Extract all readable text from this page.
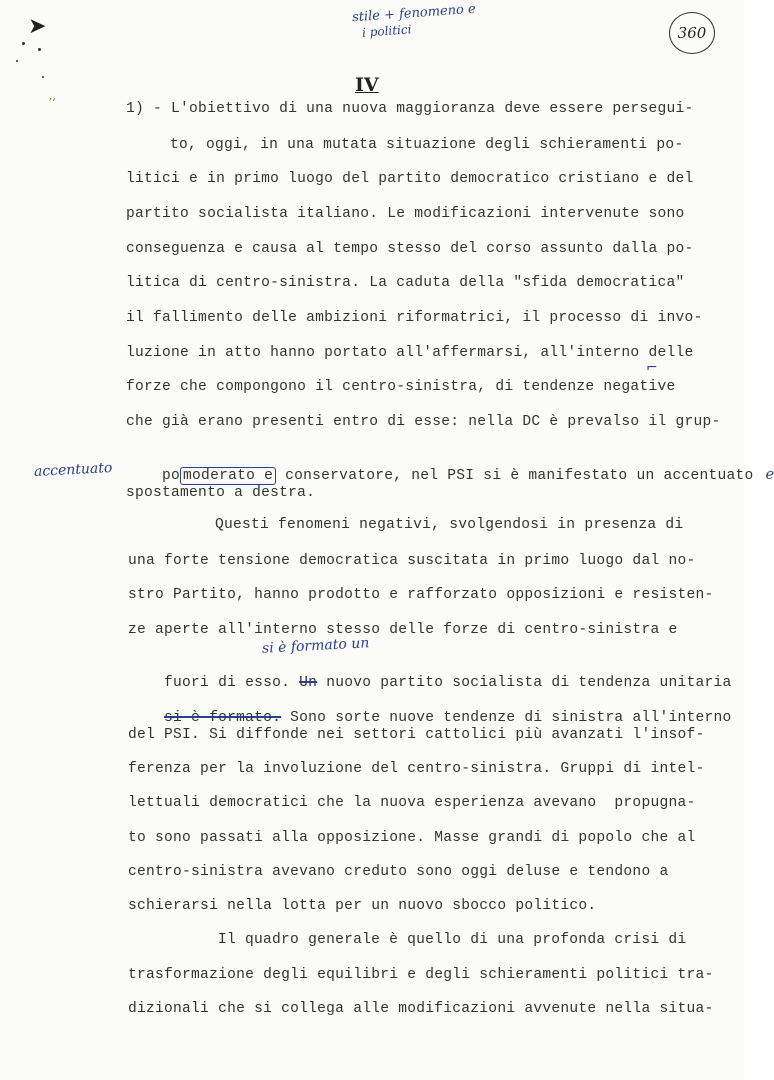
➤
ʼʻ
stile + fenomeno e
i politici	360
IV
accentuato
1) - L'obiettivo di una nuova maggioranza deve essere persegui-
to, oggi, in una mutata situazione degli schieramenti po-
litici e in primo luogo del partito democratico cristiano e del
partito socialista italiano. Le modificazioni intervenute sono
conseguenza e causa al tempo stesso del corso assunto dalla po-
litica di centro-sinistra. La caduta della "sfida democratica"
il fallimento delle ambizioni riformatrici, il processo di invo-
luzione in atto hanno portato all'affermarsi, all'interno delle
forze che compongono il centro-sinistra, di tendenze negative
⌐
che già erano presenti entro di esse: nella DC è prevalso il grup-

po moderato e conservatore, nel PSI si è manifestato un accentuato e

spostamento a destra.
Questi fenomeni negativi, svolgendosi in presenza di
una forte tensione democratica suscitata in primo luogo dal no-
stro Partito, hanno prodotto e rafforzato opposizioni e resisten-
ze aperte all'interno stesso delle forze di centro-sinistra e
si è formato un

fuori di esso. Un nuovo partito socialista di tendenza unitaria

si è formato. Sono sorte nuove tendenze di sinistra all'interno

del PSI. Si diffonde nei settori cattolici più avanzati l'insof-
ferenza per la involuzione del centro-sinistra. Gruppi di intel-
lettuali democratici che la nuova esperienza avevano  propugna-
to sono passati alla opposizione. Masse grandi di popolo che al
centro-sinistra avevano creduto sono oggi deluse e tendono a
schierarsi nella lotta per un nuovo sbocco politico.
Il quadro generale è quello di una profonda crisi di
trasformazione degli equilibri e degli schieramenti politici tra-
dizionali che si collega alle modificazioni avvenute nella situa-
